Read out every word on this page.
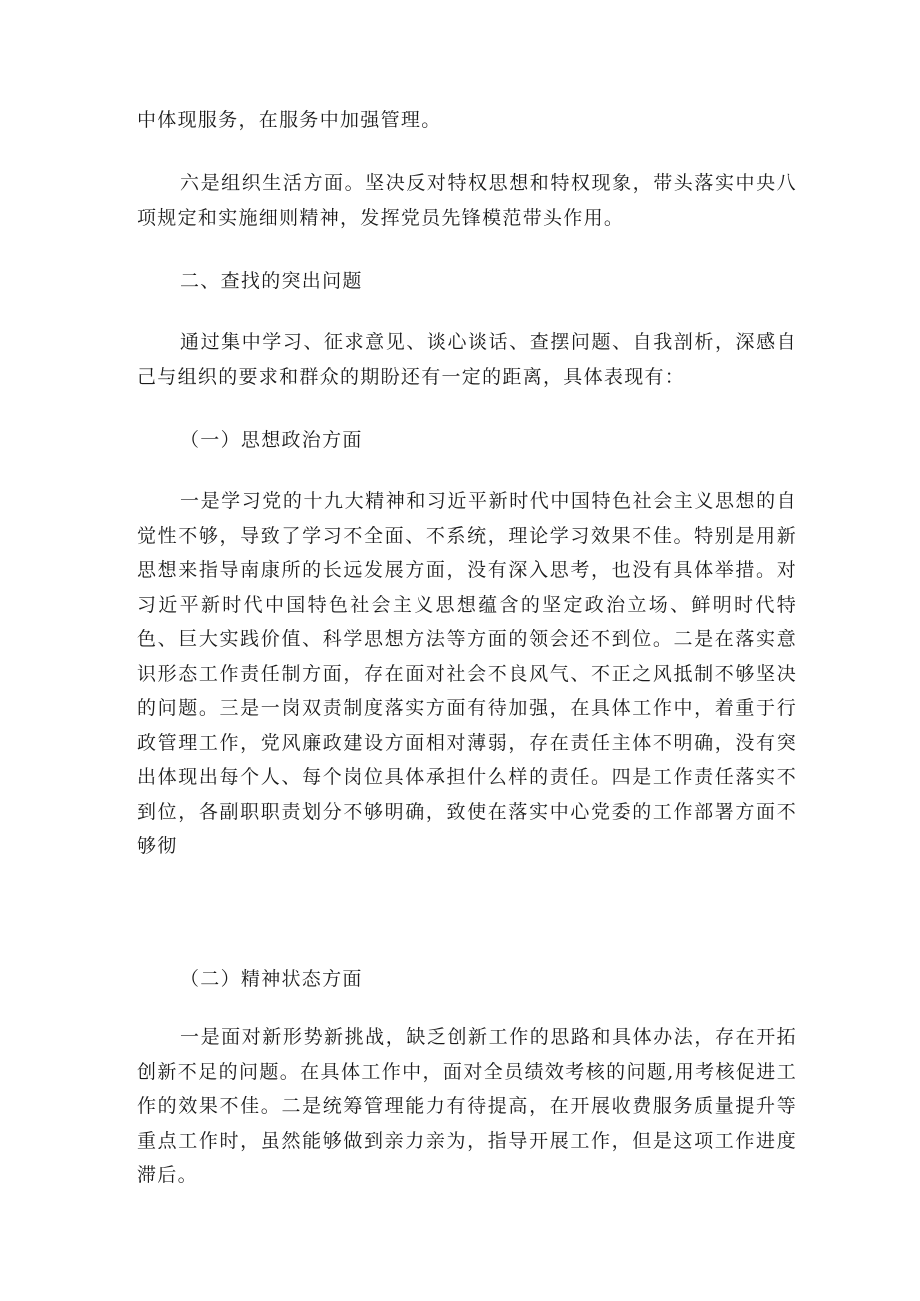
中体现服务，在服务中加强管理。

六是组织生活方面。坚决反对特权思想和特权现象，带头落实中央八项规定和实施细则精神，发挥党员先锋模范带头作用。

二、查找的突出问题

通过集中学习、征求意见、谈心谈话、查摆问题、自我剖析，深感自己与组织的要求和群众的期盼还有一定的距离，具体表现有：

（一）思想政治方面

一是学习党的十九大精神和习近平新时代中国特色社会主义思想的自觉性不够，导致了学习不全面、不系统，理论学习效果不佳。特别是用新思想来指导南康所的长远发展方面，没有深入思考，也没有具体举措。对习近平新时代中国特色社会主义思想蕴含的坚定政治立场、鲜明时代特色、巨大实践价值、科学思想方法等方面的领会还不到位。二是在落实意识形态工作责任制方面，存在面对社会不良风气、不正之风抵制不够坚决的问题。三是一岗双责制度落实方面有待加强，在具体工作中，着重于行政管理工作，党风廉政建设方面相对薄弱，存在责任主体不明确，没有突出体现出每个人、每个岗位具体承担什么样的责任。四是工作责任落实不到位，各副职职责划分不够明确，致使在落实中心党委的工作部署方面不够彻

（二）精神状态方面

一是面对新形势新挑战，缺乏创新工作的思路和具体办法，存在开拓创新不足的问题。在具体工作中，面对全员绩效考核的问题,用考核促进工作的效果不佳。二是统筹管理能力有待提高，在开展收费服务质量提升等重点工作时，虽然能够做到亲力亲为，指导开展工作，但是这项工作进度滞后。
